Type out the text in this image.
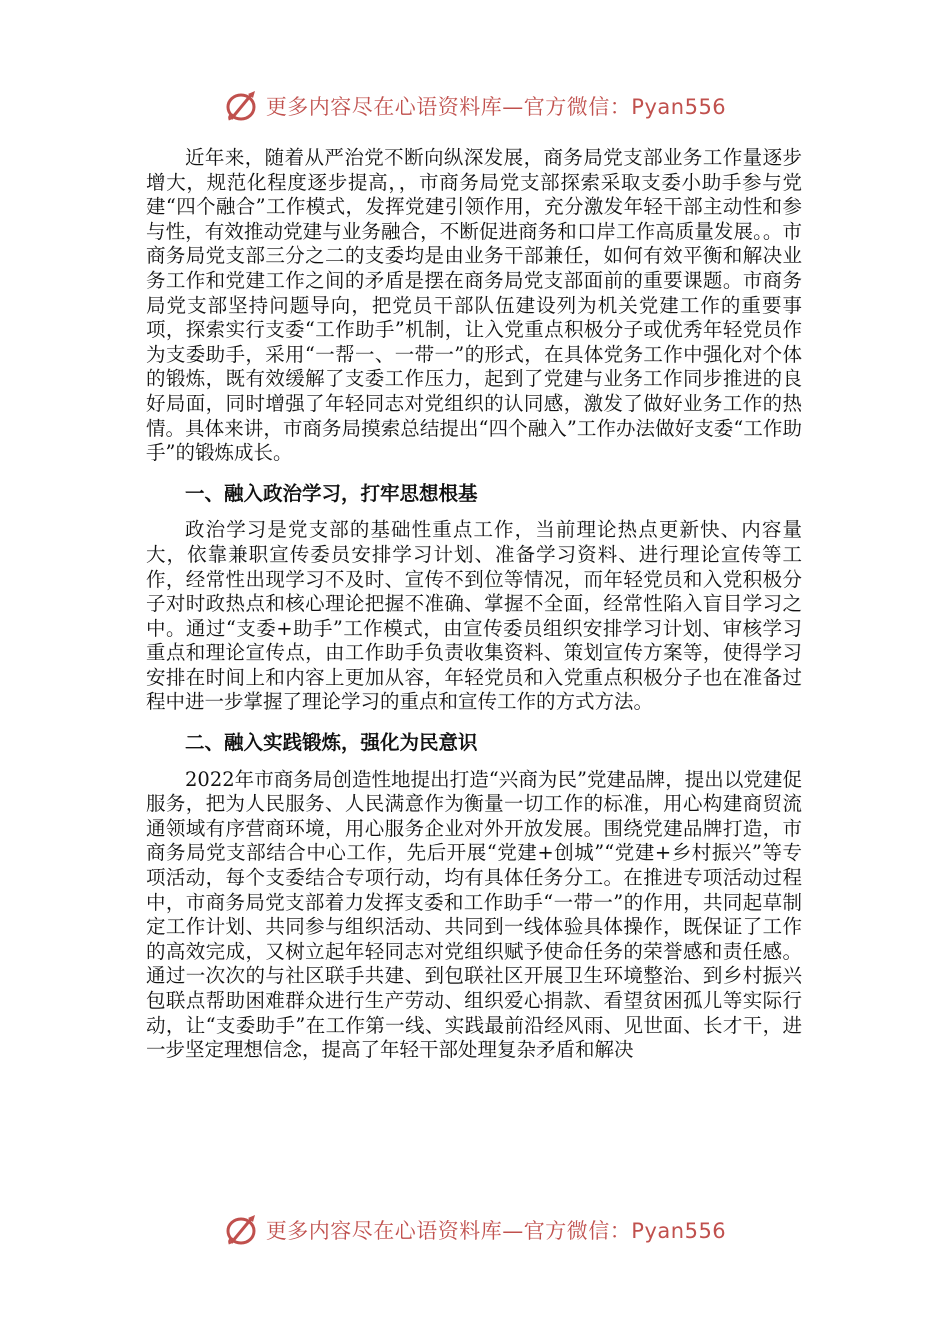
更多内容尽在心语资料库—官方微信：Pyan556

近年来，随着从严治党不断向纵深发展，商务局党支部业务工作量逐步增大，规范化程度逐步提高，，市商务局党支部探索采取支委小助手参与党建“四个融合”工作模式，发挥党建引领作用，充分激发年轻干部主动性和参与性，有效推动党建与业务融合，不断促进商务和口岸工作高质量发展。。市商务局党支部三分之二的支委均是由业务干部兼任，如何有效平衡和解决业务工作和党建工作之间的矛盾是摆在商务局党支部面前的重要课题。市商务局党支部坚持问题导向，把党员干部队伍建设列为机关党建工作的重要事项，探索实行支委“工作助手”机制，让入党重点积极分子或优秀年轻党员作为支委助手，采用“一帮一、一带一”的形式，在具体党务工作中强化对个体的锻炼，既有效缓解了支委工作压力，起到了党建与业务工作同步推进的良好局面，同时增强了年轻同志对党组织的认同感，激发了做好业务工作的热情。具体来讲，市商务局摸索总结提出“四个融入”工作办法做好支委“工作助手”的锻炼成长。

一、融入政治学习，打牢思想根基

政治学习是党支部的基础性重点工作，当前理论热点更新快、内容量大，依靠兼职宣传委员安排学习计划、准备学习资料、进行理论宣传等工作，经常性出现学习不及时、宣传不到位等情况，而年轻党员和入党积极分子对时政热点和核心理论把握不准确、掌握不全面，经常性陷入盲目学习之中。通过“支委+助手”工作模式，由宣传委员组织安排学习计划、审核学习重点和理论宣传点，由工作助手负责收集资料、策划宣传方案等，使得学习安排在时间上和内容上更加从容，年轻党员和入党重点积极分子也在准备过程中进一步掌握了理论学习的重点和宣传工作的方式方法。

二、融入实践锻炼，强化为民意识

2022年市商务局创造性地提出打造“兴商为民”党建品牌，提出以党建促服务，把为人民服务、人民满意作为衡量一切工作的标准，用心构建商贸流通领域有序营商环境，用心服务企业对外开放发展。围绕党建品牌打造，市商务局党支部结合中心工作，先后开展“党建+创城”“党建+乡村振兴”等专项活动，每个支委结合专项行动，均有具体任务分工。在推进专项活动过程中，市商务局党支部着力发挥支委和工作助手“一带一”的作用，共同起草制定工作计划、共同参与组织活动、共同到一线体验具体操作，既保证了工作的高效完成，又树立起年轻同志对党组织赋予使命任务的荣誉感和责任感。通过一次次的与社区联手共建、到包联社区开展卫生环境整治、到乡村振兴包联点帮助困难群众进行生产劳动、组织爱心捐款、看望贫困孤儿等实际行动，让“支委助手”在工作第一线、实践最前沿经风雨、见世面、长才干，进一步坚定理想信念，提高了年轻干部处理复杂矛盾和解决

更多内容尽在心语资料库—官方微信：Pyan556
